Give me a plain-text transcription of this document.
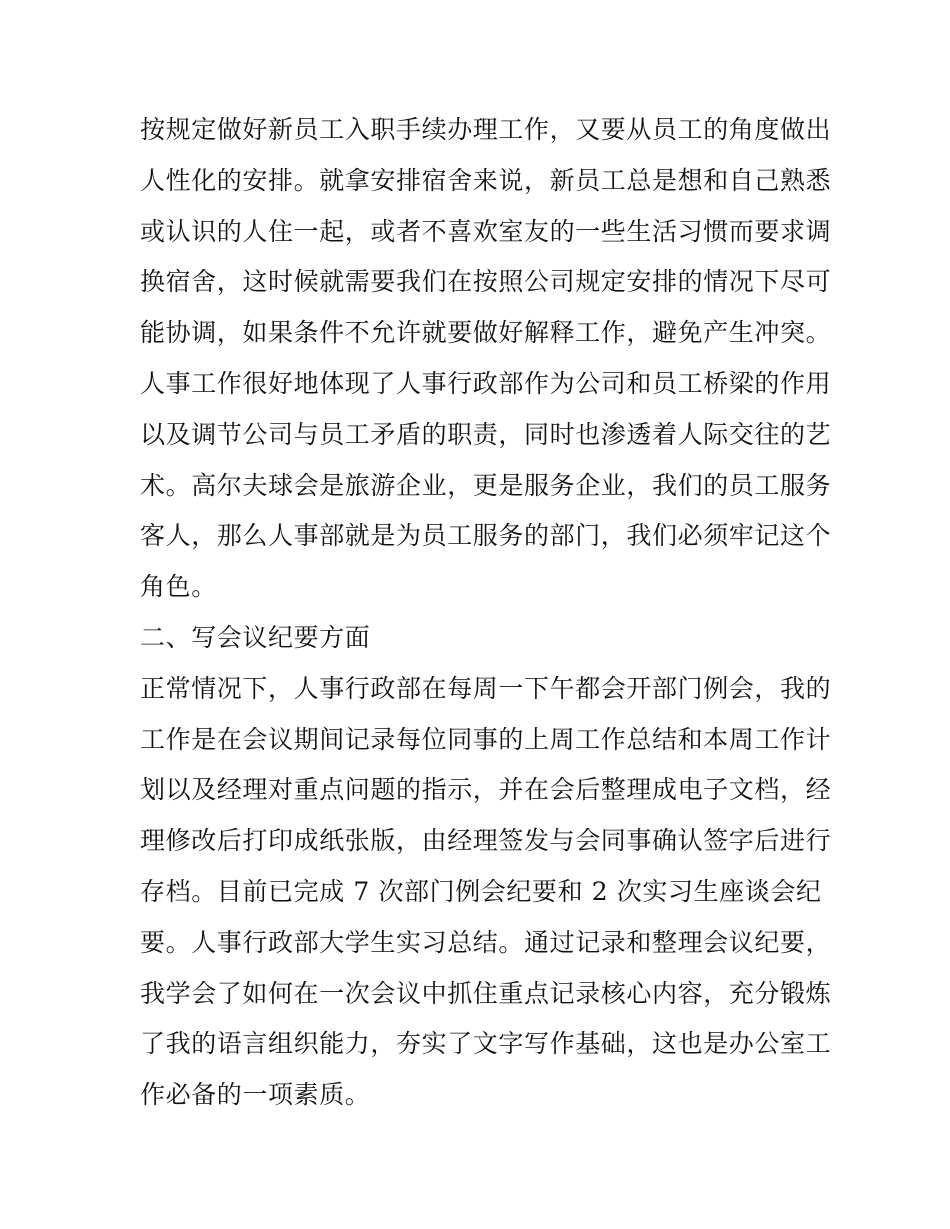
按规定做好新员工入职手续办理工作，又要从员工的角度做出
人性化的安排。就拿安排宿舍来说，新员工总是想和自己熟悉
或认识的人住一起，或者不喜欢室友的一些生活习惯而要求调
换宿舍，这时候就需要我们在按照公司规定安排的情况下尽可
能协调，如果条件不允许就要做好解释工作，避免产生冲突。
人事工作很好地体现了人事行政部作为公司和员工桥梁的作用
以及调节公司与员工矛盾的职责，同时也渗透着人际交往的艺
术。高尔夫球会是旅游企业，更是服务企业，我们的员工服务
客人，那么人事部就是为员工服务的部门，我们必须牢记这个
角色。
二、写会议纪要方面
正常情况下，人事行政部在每周一下午都会开部门例会，我的
工作是在会议期间记录每位同事的上周工作总结和本周工作计
划以及经理对重点问题的指示，并在会后整理成电子文档，经
理修改后打印成纸张版，由经理签发与会同事确认签字后进行
存档。目前已完成 7 次部门例会纪要和 2 次实习生座谈会纪
要。人事行政部大学生实习总结。通过记录和整理会议纪要，
我学会了如何在一次会议中抓住重点记录核心内容，充分锻炼
了我的语言组织能力，夯实了文字写作基础，这也是办公室工
作必备的一项素质。
